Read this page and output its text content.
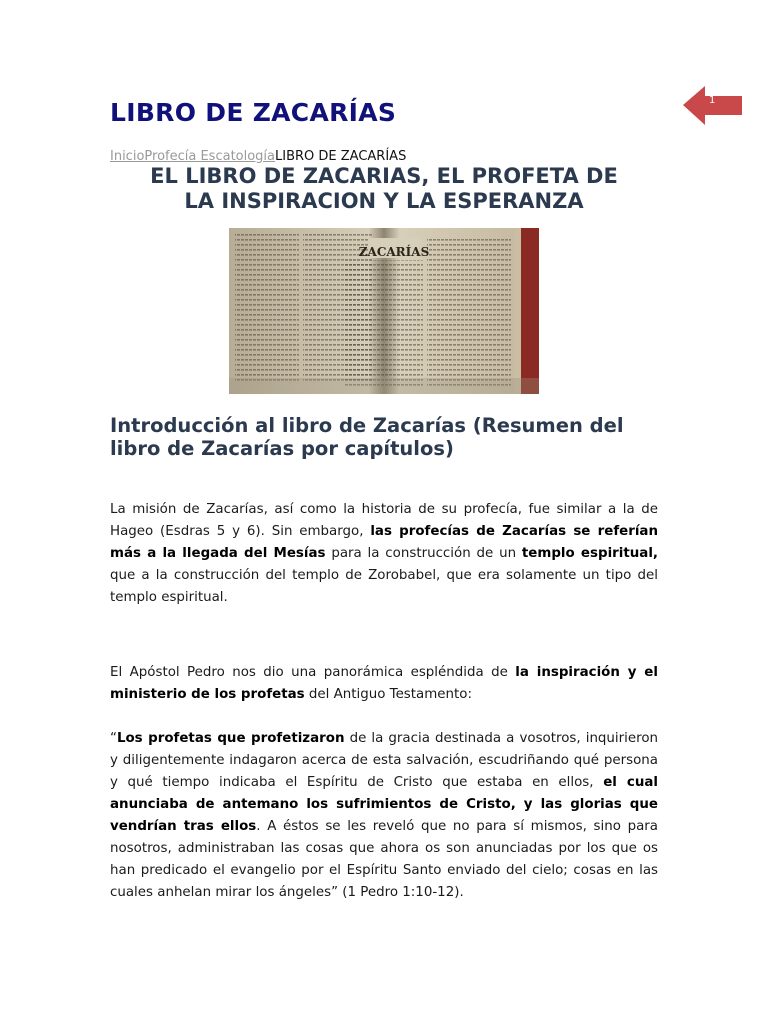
1
LIBRO DE ZACARÍAS
InicioProfecía EscatologíaLIBRO DE ZACARÍAS
EL LIBRO DE ZACARIAS, EL PROFETA DE
LA INSPIRACION Y LA ESPERANZA
ZACARÍAS
Introducción al libro de Zacarías (Resumen del libro de Zacarías por capítulos)

La misión de Zacarías, así como la historia de su profecía, fue similar a la de Hageo (Esdras 5 y 6). Sin embargo, las profecías de Zacarías se referían más a la llegada del Mesías para la construcción de un templo espiritual, que a la construcción del templo de Zorobabel, que era solamente un tipo del templo espiritual.

El Apóstol Pedro nos dio una panorámica espléndida de la inspiración y el ministerio de los profetas del Antiguo Testamento:

“Los profetas que profetizaron de la gracia destinada a vosotros, inquirieron y diligentemente indagaron acerca de esta salvación, escudriñando qué persona y qué tiempo indicaba el Espíritu de Cristo que estaba en ellos, el cual anunciaba de antemano los sufrimientos de Cristo, y las glorias que vendrían tras ellos. A éstos se les reveló que no para sí mismos, sino para nosotros, administraban las cosas que ahora os son anunciadas por los que os han predicado el evangelio por el Espíritu Santo enviado del cielo; cosas en las cuales anhelan mirar los ángeles” (1 Pedro 1:10-12).
